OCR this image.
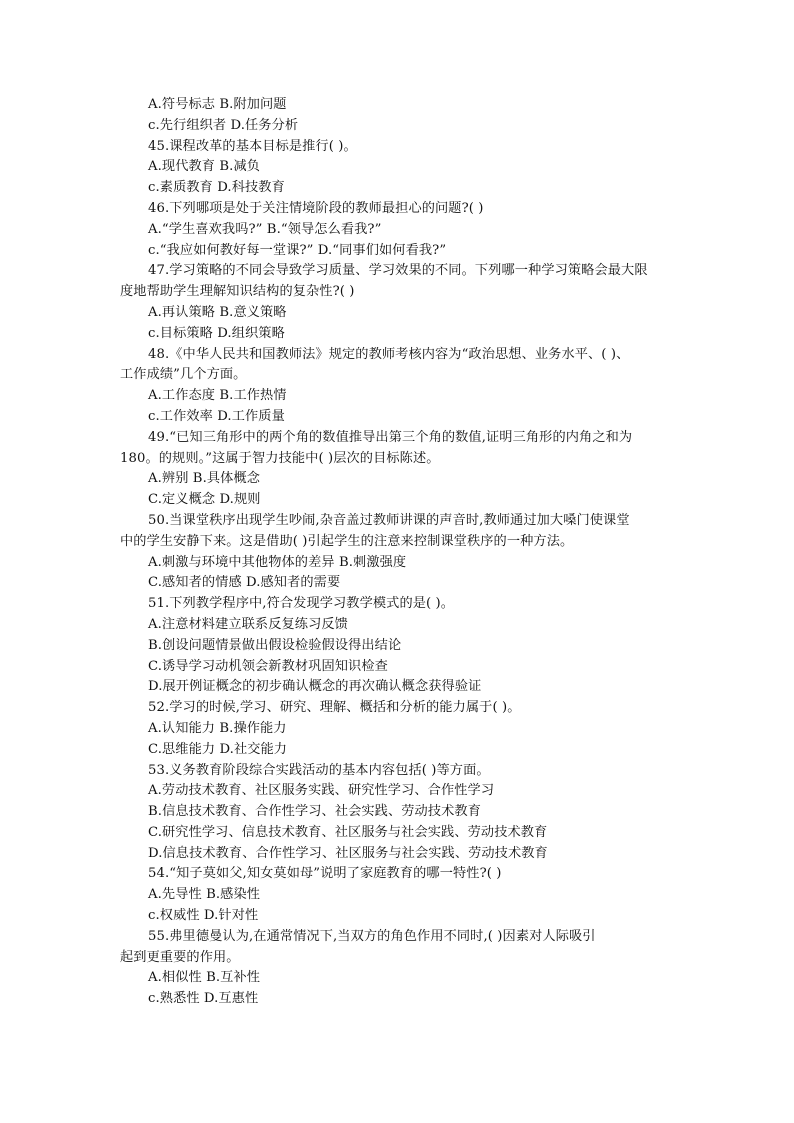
A.符号标志 B.附加问题
c.先行组织者 D.任务分析
45.课程改革的基本目标是推行( )。
A.现代教育 B.减负
c.素质教育 D.科技教育
46.下列哪项是处于关注情境阶段的教师最担心的问题?( )
A.“学生喜欢我吗?” B.“领导怎么看我?”
c.“我应如何教好每一堂课?” D.“同事们如何看我?”
47.学习策略的不同会导致学习质量、学习效果的不同。下列哪一种学习策略会最大限
度地帮助学生理解知识结构的复杂性?( )
A.再认策略 B.意义策略
c.目标策略 D.组织策略
48.《中华人民共和国教师法》规定的教师考核内容为“政治思想、业务水平、( )、
工作成绩”几个方面。
A.工作态度 B.工作热情
c.工作效率 D.工作质量
49.“已知三角形中的两个角的数值推导出第三个角的数值,证明三角形的内角之和为
180。的规则。”这属于智力技能中( )层次的目标陈述。
A.辨别 B.具体概念
C.定义概念 D.规则
50.当课堂秩序出现学生吵闹,杂音盖过教师讲课的声音时,教师通过加大嗓门使课堂
中的学生安静下来。这是借助( )引起学生的注意来控制课堂秩序的一种方法。
A.刺激与环境中其他物体的差异 B.刺激强度
C.感知者的情感 D.感知者的需要
51.下列教学程序中,符合发现学习教学模式的是( )。
A.注意材料建立联系反复练习反馈
B.创设问题情景做出假设检验假设得出结论
C.诱导学习动机领会新教材巩固知识检查
D.展开例证概念的初步确认概念的再次确认概念获得验证
52.学习的时候,学习、研究、理解、概括和分析的能力属于( )。
A.认知能力 B.操作能力
C.思维能力 D.社交能力
53.义务教育阶段综合实践活动的基本内容包括( )等方面。
A.劳动技术教育、社区服务实践、研究性学习、合作性学习
B.信息技术教育、合作性学习、社会实践、劳动技术教育
C.研究性学习、信息技术教育、社区服务与社会实践、劳动技术教育
D.信息技术教育、合作性学习、社区服务与社会实践、劳动技术教育
54.“知子莫如父,知女莫如母”说明了家庭教育的哪一特性?( )
A.先导性 B.感染性
c.权威性 D.针对性
55.弗里德曼认为,在通常情况下,当双方的角色作用不同时,( )因素对人际吸引
起到更重要的作用。
A.相似性 B.互补性
c.熟悉性 D.互惠性
